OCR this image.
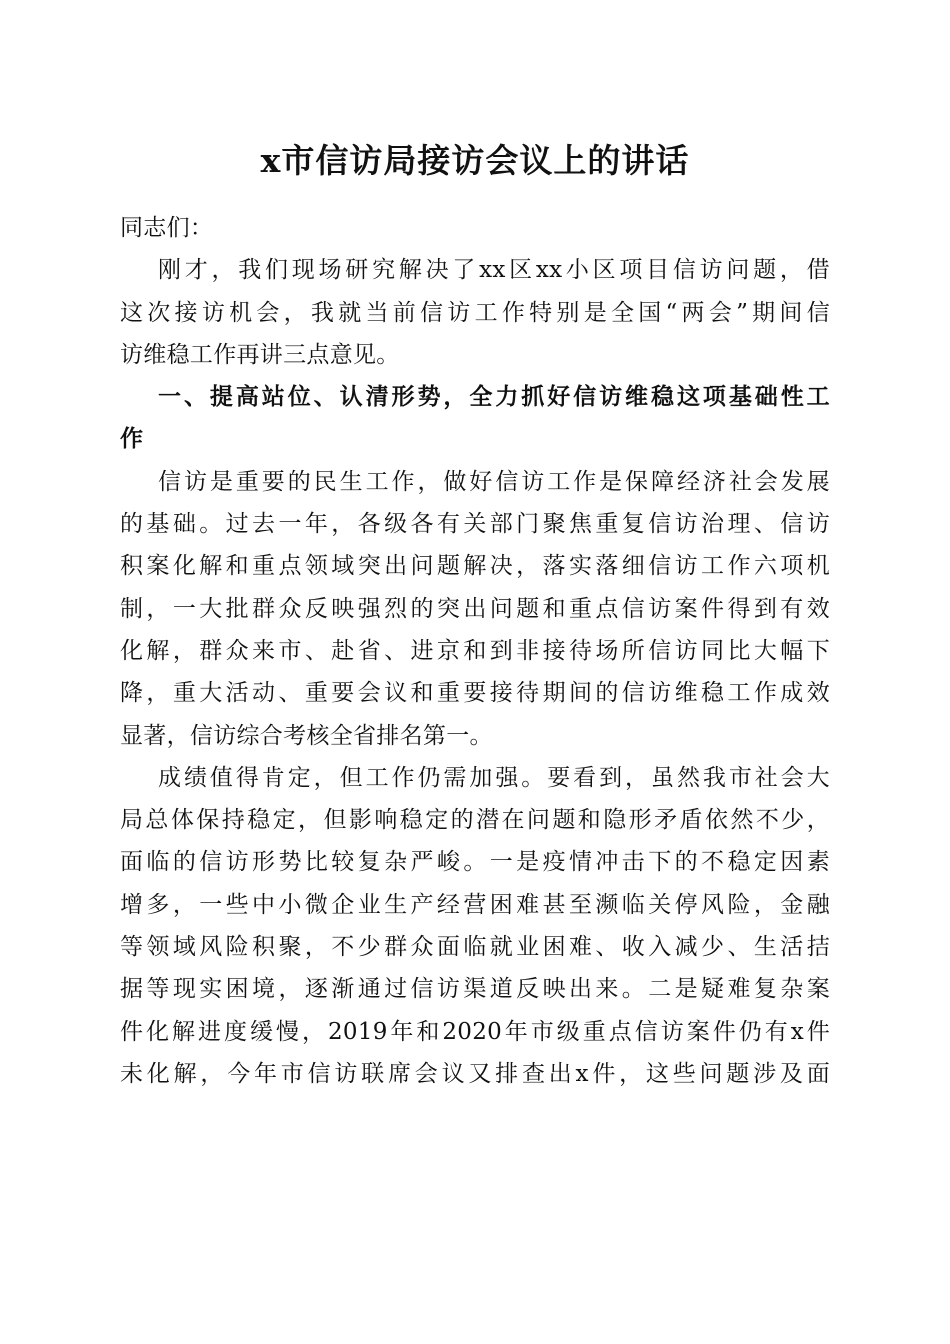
x市信访局接访会议上的讲话
同志们：
刚才，我们现场研究解决了xx区xx小区项目信访问题，借
这次接访机会，我就当前信访工作特别是全国“两会”期间信
访维稳工作再讲三点意见。
一、提高站位、认清形势，全力抓好信访维稳这项基础性工
作
信访是重要的民生工作，做好信访工作是保障经济社会发展
的基础。过去一年，各级各有关部门聚焦重复信访治理、信访
积案化解和重点领域突出问题解决，落实落细信访工作六项机
制，一大批群众反映强烈的突出问题和重点信访案件得到有效
化解，群众来市、赴省、进京和到非接待场所信访同比大幅下
降，重大活动、重要会议和重要接待期间的信访维稳工作成效
显著，信访综合考核全省排名第一。
成绩值得肯定，但工作仍需加强。要看到，虽然我市社会大
局总体保持稳定，但影响稳定的潜在问题和隐形矛盾依然不少，
面临的信访形势比较复杂严峻。一是疫情冲击下的不稳定因素
增多，一些中小微企业生产经营困难甚至濒临关停风险，金融
等领域风险积聚，不少群众面临就业困难、收入减少、生活拮
据等现实困境，逐渐通过信访渠道反映出来。二是疑难复杂案
件化解进度缓慢，2019年和2020年市级重点信访案件仍有x件
未化解，今年市信访联席会议又排查出x件，这些问题涉及面
